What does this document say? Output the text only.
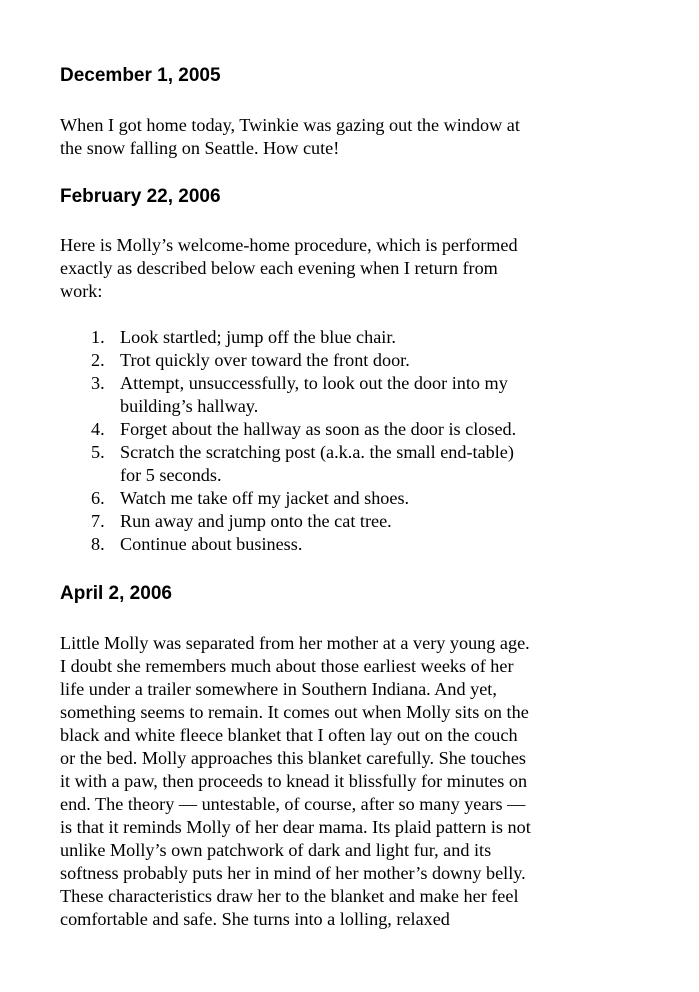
December 1, 2005
When I got home today, Twinkie was gazing out the window at
the snow falling on Seattle. How cute!
February 22, 2006
Here is Molly’s welcome-home procedure, which is performed
exactly as described below each evening when I return from
work:
1. Look startled; jump off the blue chair.
2. Trot quickly over toward the front door.
3. Attempt, unsuccessfully, to look out the door into my
building’s hallway.
4. Forget about the hallway as soon as the door is closed.
5. Scratch the scratching post (a.k.a. the small end-table)
for 5 seconds.
6. Watch me take off my jacket and shoes.
7. Run away and jump onto the cat tree.
8. Continue about business.
April 2, 2006
Little Molly was separated from her mother at a very young age.
I doubt she remembers much about those earliest weeks of her
life under a trailer somewhere in Southern Indiana. And yet,
something seems to remain. It comes out when Molly sits on the
black and white fleece blanket that I often lay out on the couch
or the bed. Molly approaches this blanket carefully. She touches
it with a paw, then proceeds to knead it blissfully for minutes on
end. The theory — untestable, of course, after so many years —
is that it reminds Molly of her dear mama. Its plaid pattern is not
unlike Molly’s own patchwork of dark and light fur, and its
softness probably puts her in mind of her mother’s downy belly.
These characteristics draw her to the blanket and make her feel
comfortable and safe. She turns into a lolling, relaxed
